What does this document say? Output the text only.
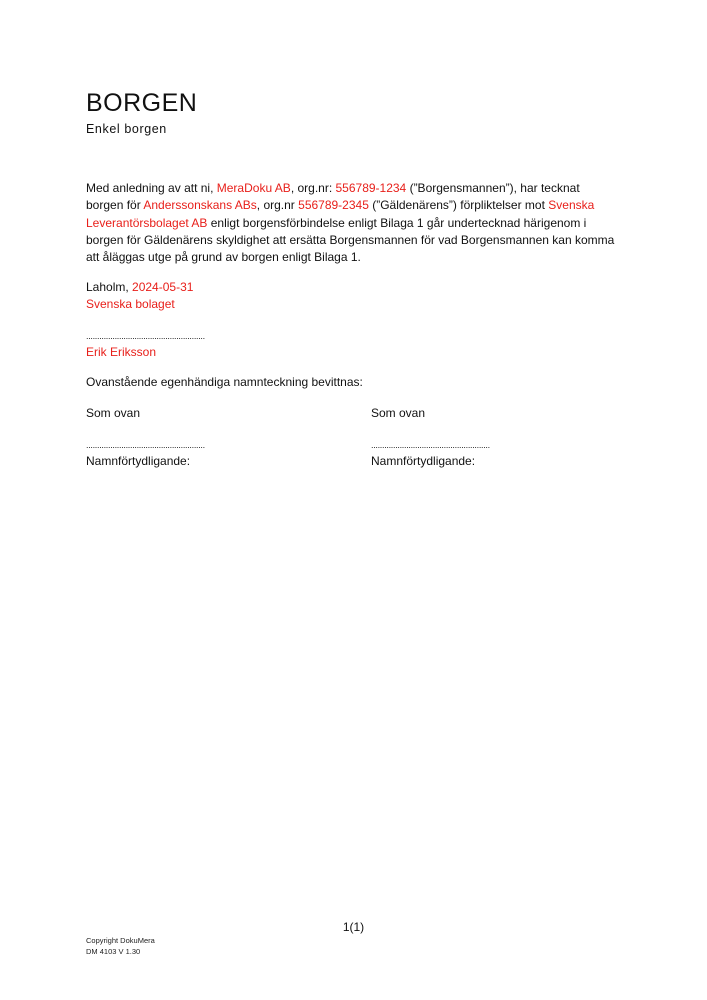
BORGEN
Enkel borgen
Med anledning av att ni, MeraDoku AB, org.nr: 556789-1234 (”Borgensmannen”), har tecknat borgen för Anderssonskans ABs, org.nr 556789-2345 (”Gäldenärens”) förpliktelser mot Svenska Leverantörsbolaget AB enligt borgensförbindelse enligt Bilaga 1 går undertecknad härigenom i borgen för Gäldenärens skyldighet att ersätta Borgensmannen för vad Borgensmannen kan komma att åläggas utge på grund av borgen enligt Bilaga 1.
Laholm, 2024-05-31
Svenska bolaget
......................................................
Erik Eriksson
Ovanstående egenhändiga namnteckning bevittnas:
Som ovan	Som ovan
......................................................	......................................................
Namnförtydligande:	Namnförtydligande:
1(1)
Copyright DokuMera
DM 4103 V 1.30
